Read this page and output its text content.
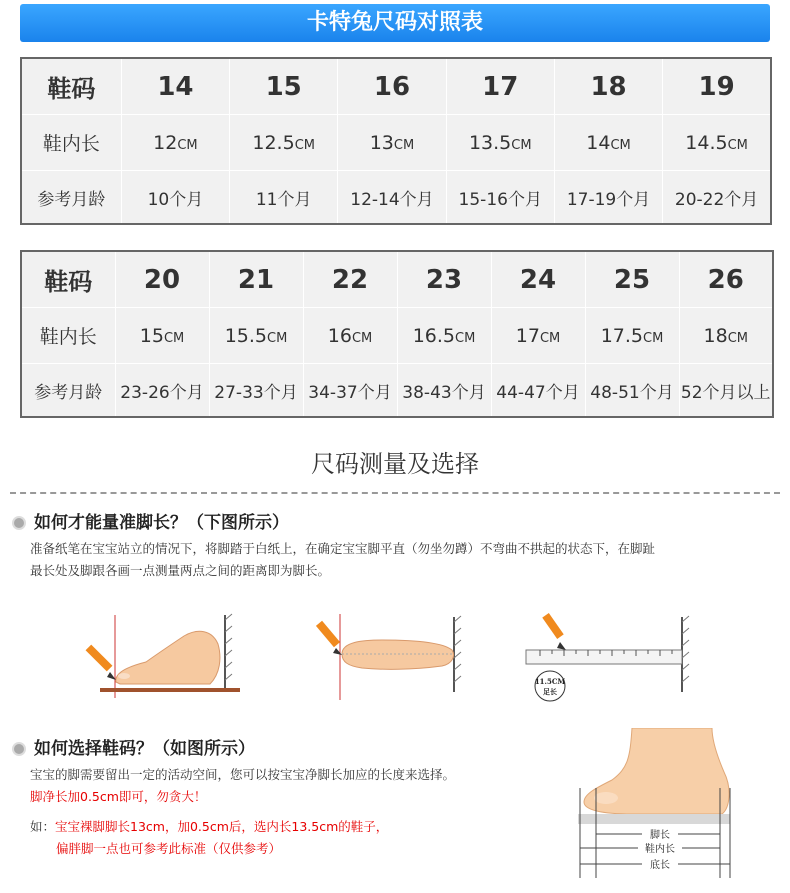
卡特兔尺码对照表
鞋码	14	15	16	17	18	19
鞋内长	12CM	12.5CM	13CM	13.5CM	14CM	14.5CM
参考月龄	10个月	11个月	12-14个月	15-16个月	17-19个月	20-22个月
鞋码	20	21	22	23	24	25	26
鞋内长	15CM	15.5CM	16CM	16.5CM	17CM	17.5CM	18CM
参考月龄	23-26个月	27-33个月	34-37个月	38-43个月	44-47个月	48-51个月	52个月以上
尺码测量及选择
如何才能量准脚长？（下图所示）
准备纸笔在宝宝站立的情况下，将脚踏于白纸上，在确定宝宝脚平直（勿坐勿蹲）不弯曲不拱起的状态下，在脚趾
最长处及脚跟各画一点测量两点之间的距离即为脚长。
11.5CM
足长
如何选择鞋码？（如图所示）
宝宝的脚需要留出一定的活动空间，您可以按宝宝净脚长加应的长度来选择。
脚净长加0.5cm即可，勿贪大！
如：宝宝裸脚脚长13cm，加0.5cm后，选内长13.5cm的鞋子，
偏胖脚一点也可参考此标准（仅供参考）
脚长
鞋内长
底长
